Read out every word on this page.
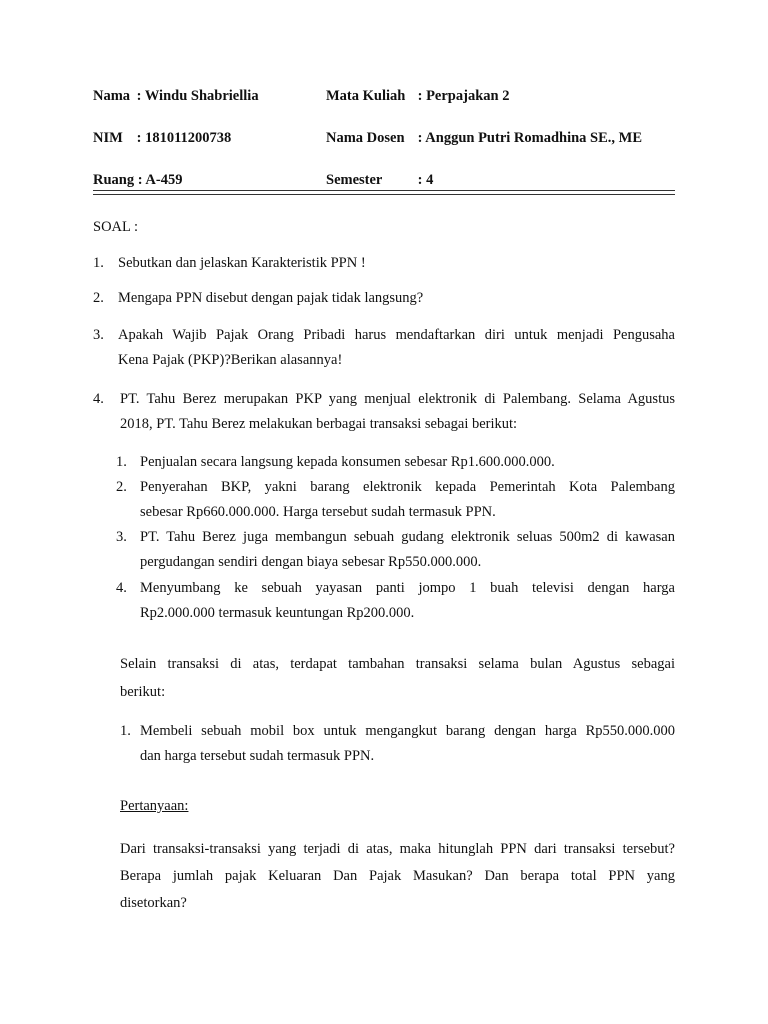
Nama : Windu Shabriellia	Mata Kuliah : Perpajakan 2
NIM : 181011200738	Nama Dosen : Anggun Putri Romadhina SE., ME
Ruang : A-459	Semester : 4
SOAL :
1. Sebutkan dan jelaskan Karakteristik PPN !
2. Mengapa PPN disebut dengan pajak tidak langsung?
3. Apakah Wajib Pajak Orang Pribadi harus mendaftarkan diri untuk menjadi Pengusaha
Kena Pajak (PKP)?Berikan alasannya!
4. PT. Tahu Berez merupakan PKP yang menjual elektronik di Palembang. Selama Agustus
2018, PT. Tahu Berez melakukan berbagai transaksi sebagai berikut:
1. Penjualan secara langsung kepada konsumen sebesar Rp1.600.000.000.
2. Penyerahan BKP, yakni barang elektronik kepada Pemerintah Kota Palembang
sebesar Rp660.000.000. Harga tersebut sudah termasuk PPN.
3. PT. Tahu Berez juga membangun sebuah gudang elektronik seluas 500m2 di kawasan
pergudangan sendiri dengan biaya sebesar Rp550.000.000.
4. Menyumbang ke sebuah yayasan panti jompo 1 buah televisi dengan harga
Rp2.000.000 termasuk keuntungan Rp200.000.
Selain transaksi di atas, terdapat tambahan transaksi selama bulan Agustus sebagai
berikut:
1. Membeli sebuah mobil box untuk mengangkut barang dengan harga Rp550.000.000
dan harga tersebut sudah termasuk PPN.
Pertanyaan:
Dari transaksi-transaksi yang terjadi di atas, maka hitunglah PPN dari transaksi tersebut?
Berapa jumlah pajak Keluaran Dan Pajak Masukan? Dan berapa total PPN yang
disetorkan?
